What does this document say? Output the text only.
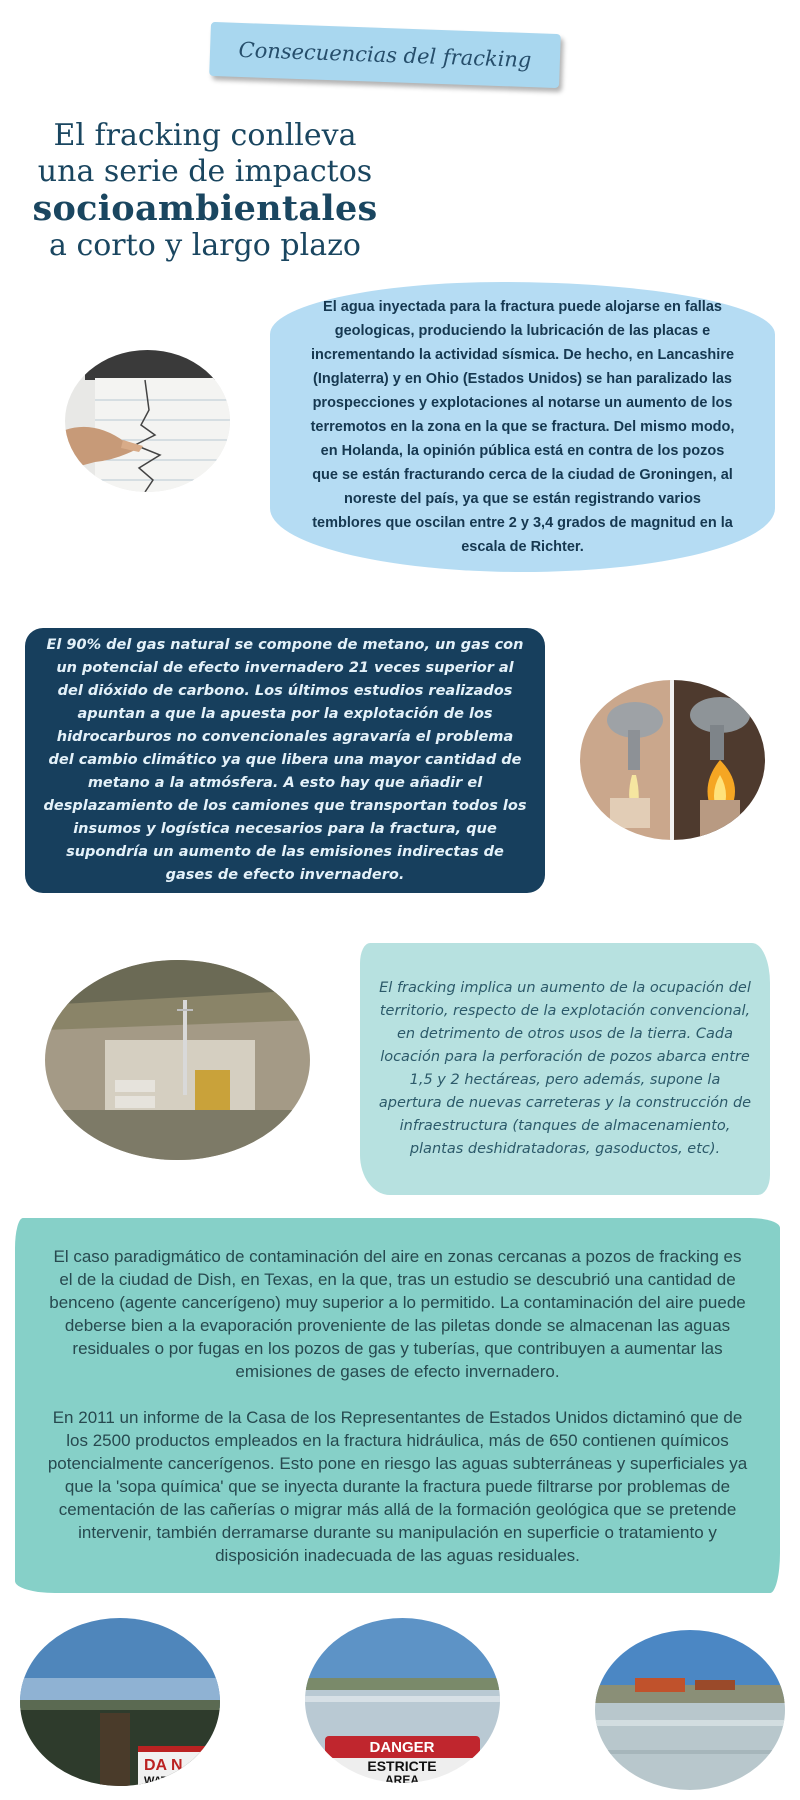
Consecuencias del fracking
El fracking conlleva
una serie de impactos
socioambientales
a corto y largo plazo

El agua inyectada para la fractura puede alojarse en fallas geologicas, produciendo la lubricación de las placas e incrementando la actividad sísmica. De hecho, en Lancashire (Inglaterra) y en Ohio (Estados Unidos) se han paralizado las prospecciones y explotaciones al notarse un aumento de los terremotos en la zona en la que se fractura. Del mismo modo, en Holanda, la opinión pública está en contra de los pozos que se están fracturando cerca de la ciudad de Groningen, al noreste del país, ya que se están registrando varios temblores que oscilan entre 2 y 3,4 grados de magnitud en la escala de Richter.

El 90% del gas natural se compone de metano, un gas con un potencial de efecto invernadero 21 veces superior al del dióxido de carbono. Los últimos estudios realizados apuntan a que la apuesta por la explotación de los hidrocarburos no convencionales agravaría el problema del cambio climático ya que libera una mayor cantidad de metano a la atmósfera. A esto hay que añadir el desplazamiento de los camiones que transportan todos los insumos y logística necesarios para la fractura, que supondría un aumento de las emisiones indirectas de gases de efecto invernadero.

El fracking implica un aumento de la ocupación del territorio, respecto de la explotación convencional, en detrimento de otros usos de la tierra. Cada locación para la perforación de pozos abarca entre 1,5 y 2 hectáreas, pero además, supone la apertura de nuevas carreteras y la construcción de infraestructura (tanques de almacenamiento, plantas deshidratadoras, gasoductos, etc).

El caso paradigmático de contaminación del aire en zonas cercanas a pozos de fracking es el de la ciudad de Dish, en Texas, en la que, tras un estudio se descubrió una cantidad de benceno (agente cancerígeno) muy superior a lo permitido. La contaminación del aire puede deberse bien a la evaporación proveniente de las piletas donde se almacenan las aguas residuales o por fugas en los pozos de gas y tuberías, que contribuyen a aumentar las emisiones de gases de efecto invernadero.

En 2011 un informe de la Casa de los Representantes de Estados Unidos dictaminó que de los 2500 productos empleados en la fractura hidráulica, más de 650 contienen químicos potencialmente cancerígenos. Esto pone en riesgo las aguas subterráneas y superficiales ya que la 'sopa química' que se inyecta durante la fractura puede filtrarse por problemas de cementación de las cañerías o migrar más allá de la formación geológica que se pretende intervenir, también derramarse durante su manipulación en superficie o tratamiento y disposición inadecuada de las aguas residuales.

DA N
WAT
DANGER
ESTRICTE
AREA
